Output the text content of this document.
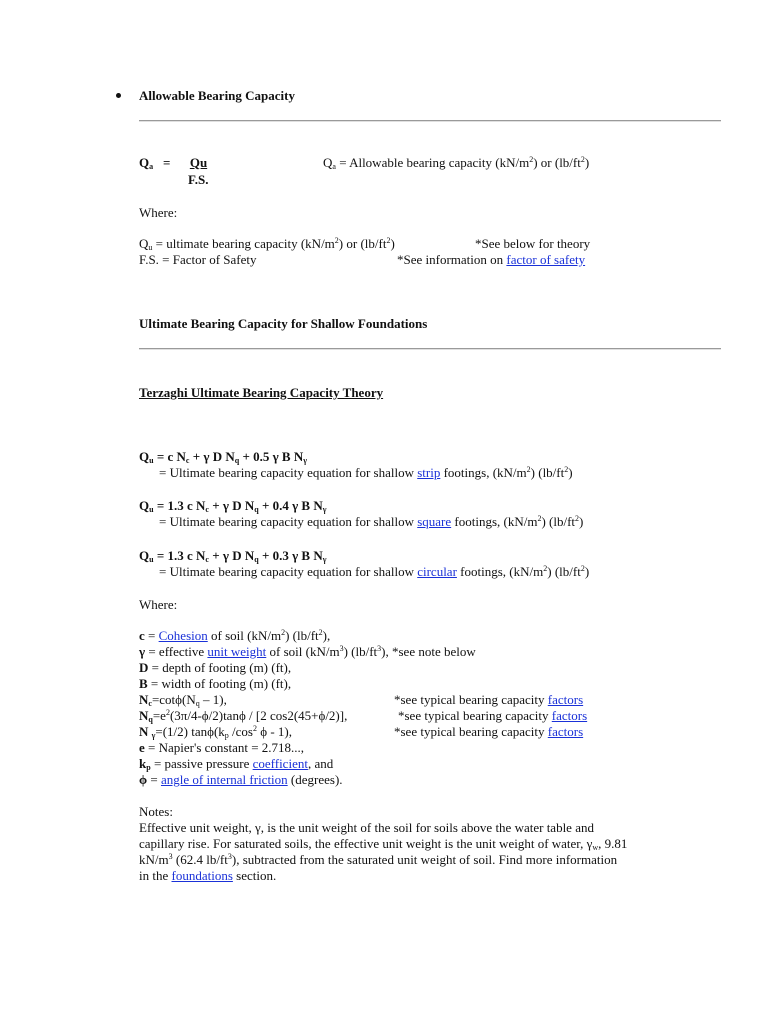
Allowable Bearing Capacity
$Q_a$ =	Qu
F.S.
$Q_a$ = Allowable bearing capacity $(kN/m^2)$ or $(lb/ft^2)$
Where:
$Q_u$ = ultimate bearing capacity $(kN/m^2)$ or $(lb/ft^2)$	*See below for theory
F.S. = Factor of Safety	*See information on factor of safety
Ultimate Bearing Capacity for Shallow Foundations
Terzaghi Ultimate Bearing Capacity Theory
$Q_u = c$ $N_c + \gamma$ D $N_q + 0.5$ γ B $N_\gamma$
= Ultimate bearing capacity equation for shallow strip footings, $(kN/m^2)$ $(lb/ft^2)$
$Q_u = 1.3$ c $N_c + \gamma$ D $N_q + 0.4$ γ B $N_\gamma$
= Ultimate bearing capacity equation for shallow square footings, $(kN/m^2)$ $(lb/ft^2)$
$Q_u = 1.3$ c $N_c + \gamma$ D $N_q + 0.3$ γ B $N_\gamma$
= Ultimate bearing capacity equation for shallow circular footings, $(kN/m^2)$ $(lb/ft^2)$
Where:
c = Cohesion of soil $(kN/m^2)$ $(lb/ft^2)$,
γ = effective unit weight of soil $(kN/m^3)$ $(lb/ft^3)$, *see note below
D = depth of footing (m) (ft),
B = width of footing (m) (ft),
$N_c=\cot\phi(N_q - 1)$,	*see typical bearing capacity factors
$N_q=e^2(3\pi/4-\phi/2)\tan\phi / [2$ cos2(45+ϕ/2)],	*see typical bearing capacity factors
N $_\gamma$=(1/2) $\tan\phi(k_p$ $/\cos^2$ ϕ - 1),	*see typical bearing capacity factors
e = Napier's constant = 2.718...,
$k_p$ = passive pressure coefficient, and
ϕ = angle of internal friction (degrees).
Notes:
Effective unit weight, γ, is the unit weight of the soil for soils above the water table and
capillary rise. For saturated soils, the effective unit weight is the unit weight of water, $\gamma_w$, 9.81
$kN/m^3$ (62.4 $lb/ft^3$), subtracted from the saturated unit weight of soil. Find more information
in the foundations section.
